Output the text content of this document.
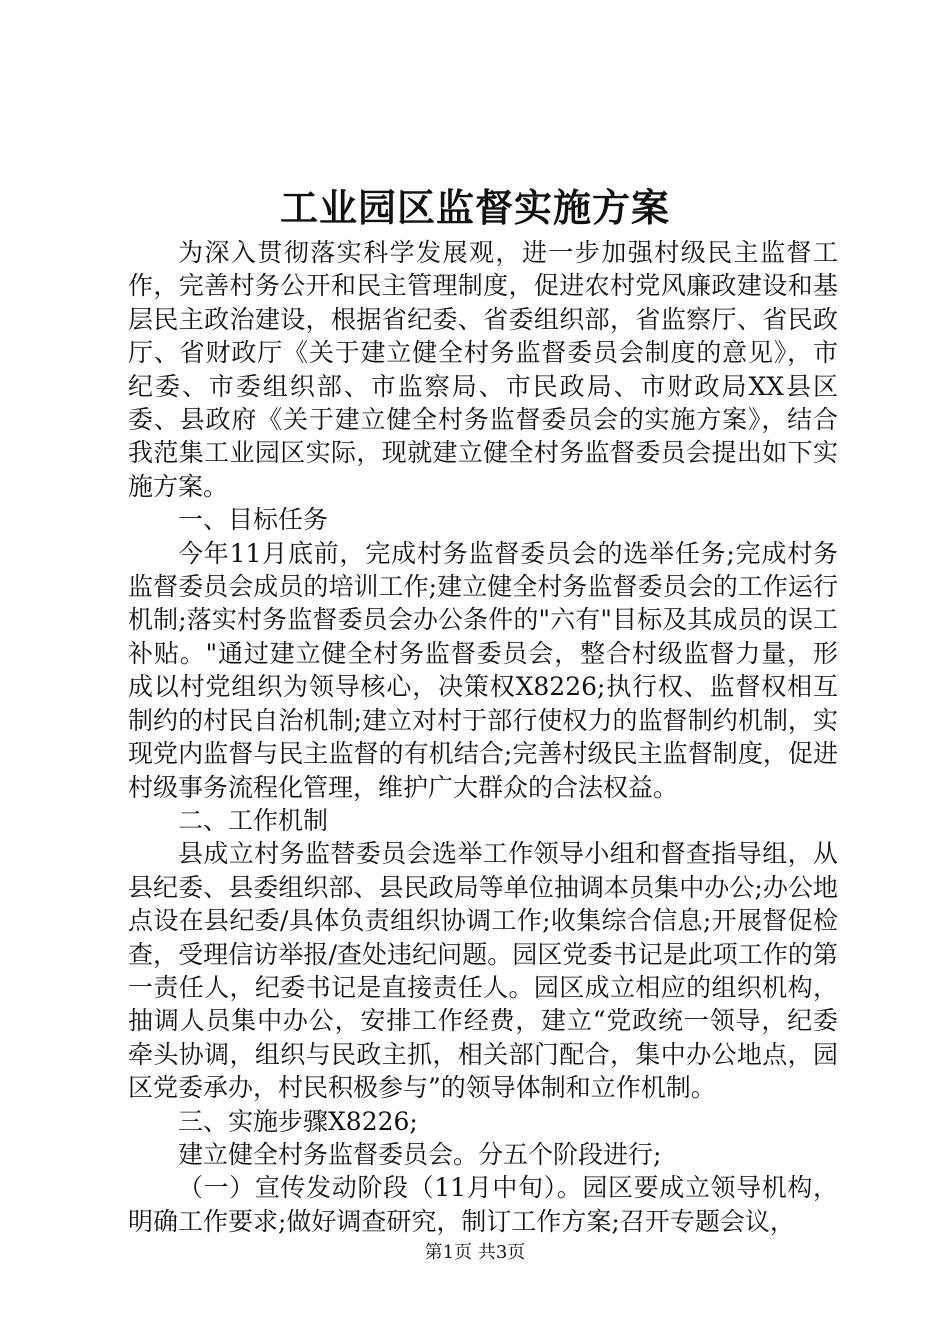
工业园区监督实施方案

为深入贯彻落实科学发展观，进一步加强村级民主监督工作，完善村务公开和民主管理制度，促进农村党风廉政建设和基层民主政治建设，根据省纪委、省委组织部，省监察厅、省民政厅、省财政厅《关于建立健全村务监督委员会制度的意见》，市纪委、市委组织部、市监察局、市民政局、市财政局XX县区委、县政府《关于建立健全村务监督委员会的实施方案》，结合我范集工业园区实际，现就建立健全村务监督委员会提出如下实施方案。

一、目标任务

今年11月底前，完成村务监督委员会的选举任务;完成村务监督委员会成员的培训工作;建立健全村务监督委员会的工作运行机制;落实村务监督委员会办公条件的"六有"目标及其成员的误工补贴。"通过建立健全村务监督委员会，整合村级监督力量，形成以村党组织为领导核心，决策权X8226;执行权、监督权相互制约的村民自治机制;建立对村于部行使权力的监督制约机制，实现党内监督与民主监督的有机结合;完善村级民主监督制度，促进村级事务流程化管理，维护广大群众的合法权益。

二、工作机制

县成立村务监替委员会选举工作领导小组和督查指导组，从县纪委、县委组织部、县民政局等单位抽调本员集中办公;办公地点设在县纪委/具体负责组织协调工作;收集综合信息;开展督促检查，受理信访举报/查处违纪问题。园区党委书记是此项工作的第一责任人，纪委书记是直接责任人。园区成立相应的组织机构，抽调人员集中办公，安排工作经费，建立“党政统一领导，纪委牵头协调，组织与民政主抓，相关部门配合，集中办公地点，园区党委承办，村民积极参与”的领导体制和立作机制。

三、实施步骤X8226;

建立健全村务监督委员会。分五个阶段进行;

（一）宣传发动阶段（11月中旬）。园区要成立领导机构，明确工作要求;做好调查研究，制订工作方案;召开专题会议，

第1页 共3页
